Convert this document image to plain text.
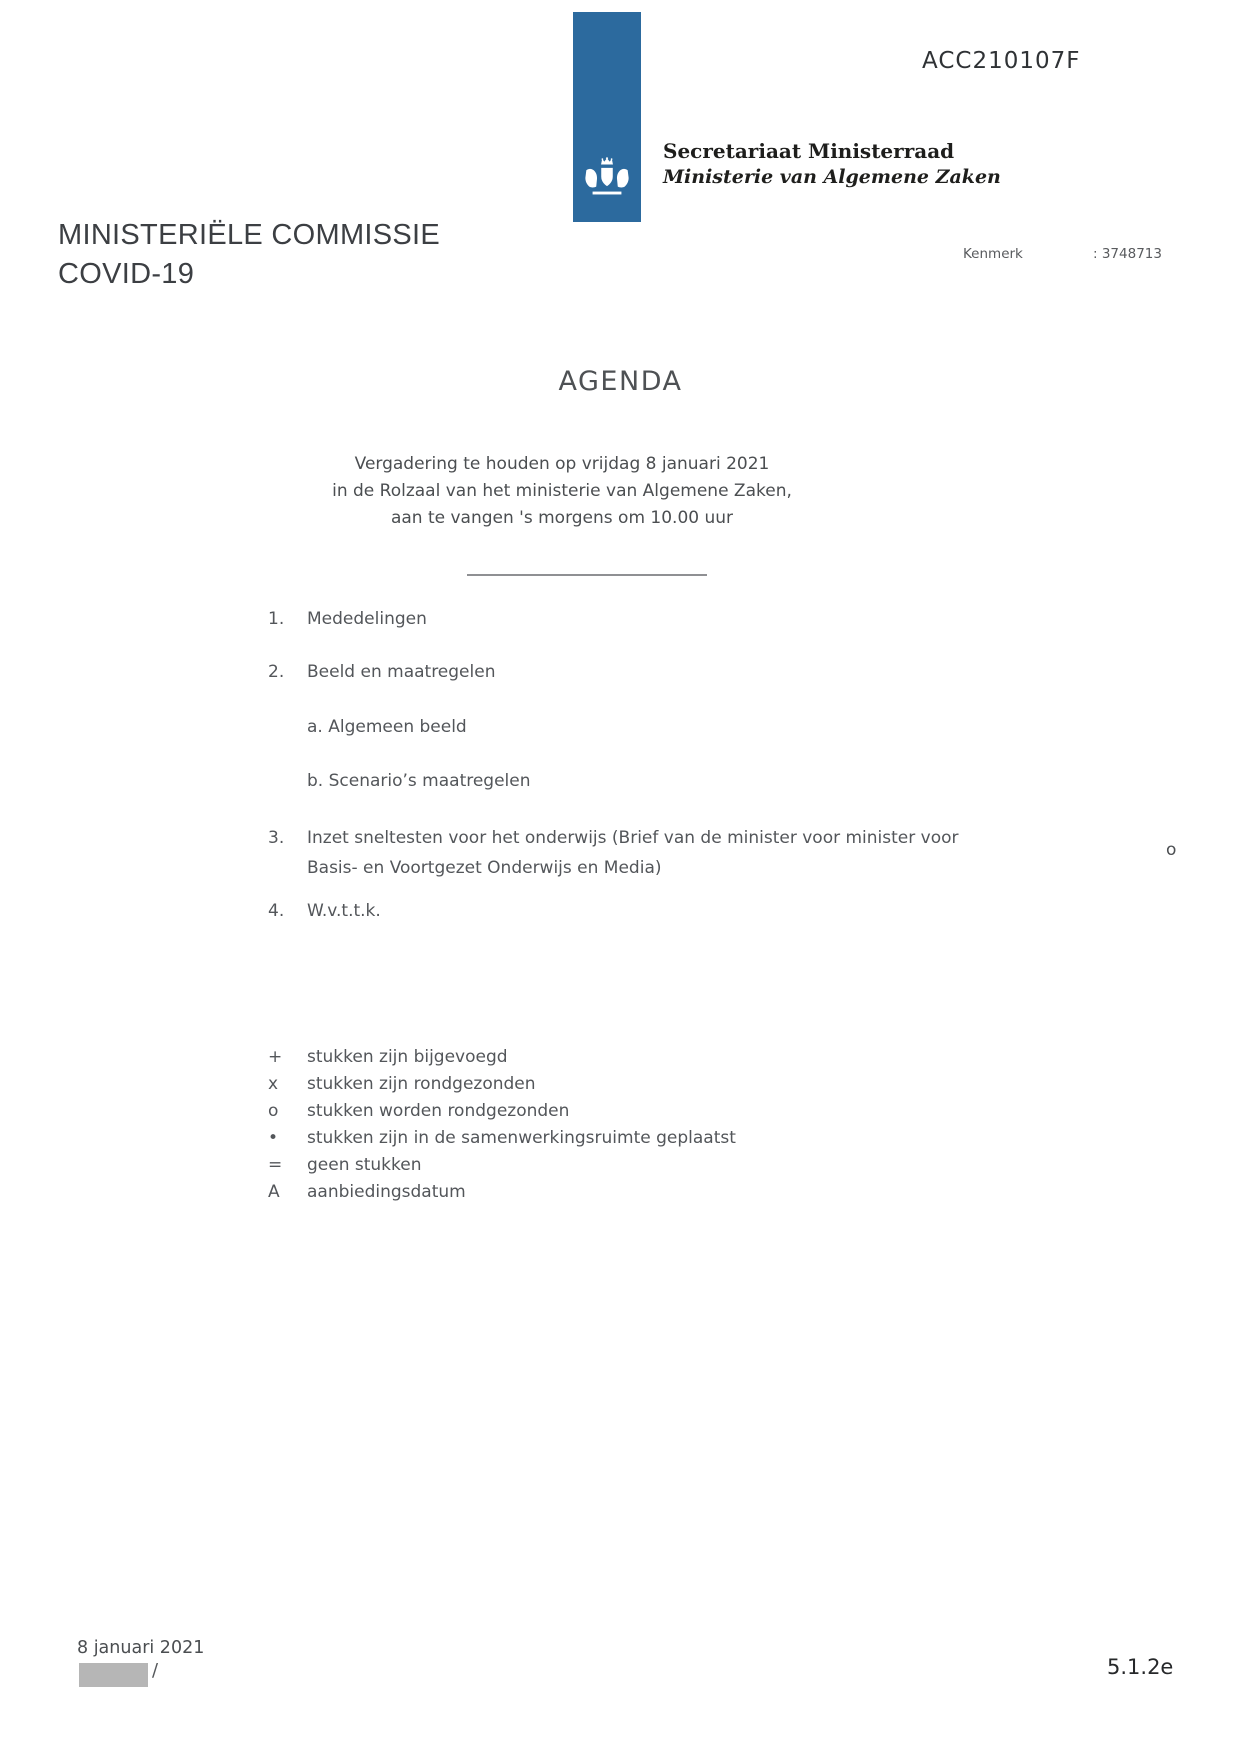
ACC210107F
Secretariaat Ministerraad
Ministerie van Algemene Zaken
Kenmerk	: 3748713
MINISTERIËLE COMMISSIE
COVID-19
AGENDA
Vergadering te houden op vrijdag 8 januari 2021
in de Rolzaal van het ministerie van Algemene Zaken,
aan te vangen 's morgens om 10.00 uur
1.	Mededelingen
2.	Beeld en maatregelen
a. Algemeen beeld
b. Scenario’s maatregelen
3.	Inzet sneltesten voor het onderwijs (Brief van de minister voor minister voor
Basis- en Voortgezet Onderwijs en Media)
o
4.	W.v.t.t.k.
+	stukken zijn bijgevoegd
x	stukken zijn rondgezonden
o	stukken worden rondgezonden
•	stukken zijn in de samenwerkingsruimte geplaatst
=	geen stukken
A	aanbiedingsdatum
8 januari 2021
/	5.1.2e
